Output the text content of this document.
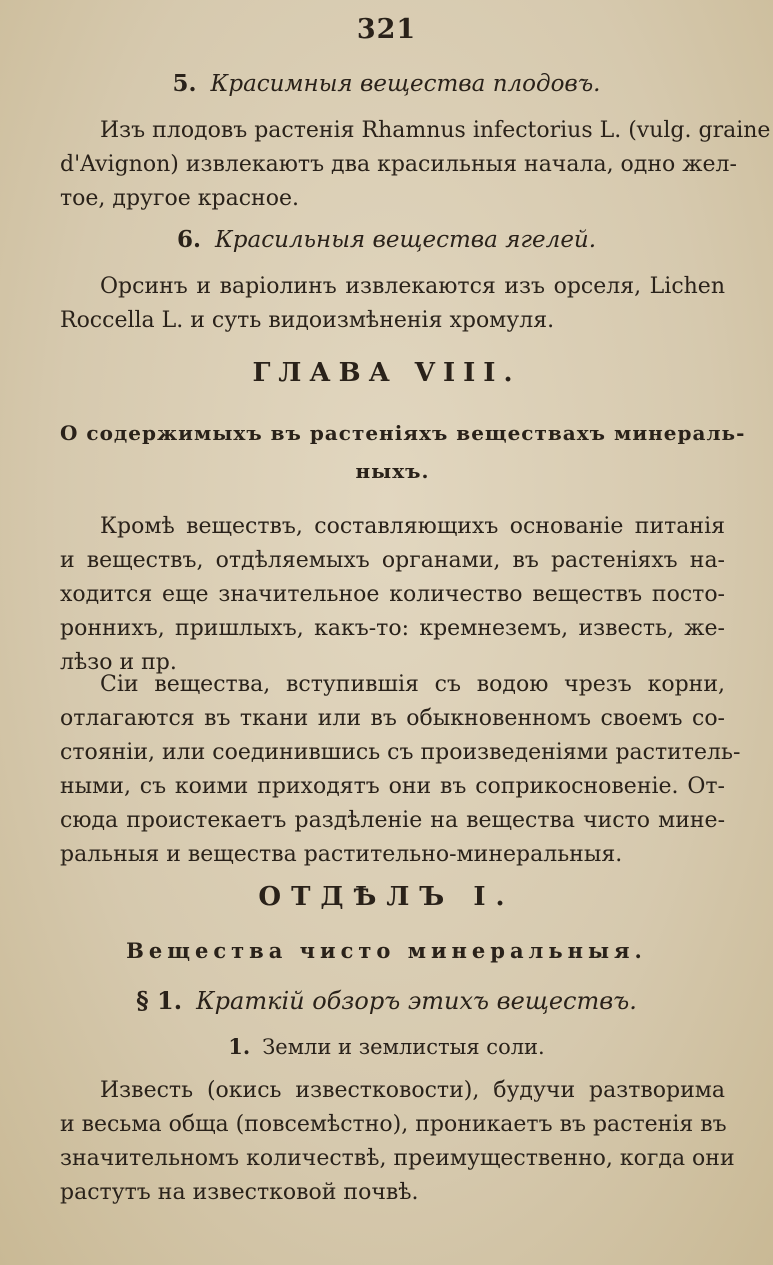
321
5. Красимныя вещества плодовъ.
Изъ плодовъ растенія Rhamnus infectorius L. (vulg. graine
d'Avignon) извлекаютъ два красильныя начала, одно жел-
тое, другое красное.
6. Красильныя вещества ягелей.
Орсинъ и варіолинъ извлекаются изъ орселя, Lichen
Roccella L. и суть видоизмѣненія хромуля.
ГЛАВА VIII.
О содержимыхъ въ растеніяхъ веществахъ минераль-
ныхъ.
Кромѣ веществъ, составляющихъ основаніе питанія
и веществъ, отдѣляемыхъ органами, въ растеніяхъ на-
ходится еще значительное количество веществъ посто-
роннихъ, пришлыхъ, какъ-то: кремнеземъ, известь, же-
лѣзо и пр.
Сіи вещества, вступившія съ водою чрезъ корни,
отлагаются въ ткани или въ обыкновенномъ своемъ со-
стояніи, или соединившись съ произведеніями раститель-
ными, съ коими приходятъ они въ соприкосновеніе. От-
сюда проистекаетъ раздѣленіе на вещества чисто мине-
ральныя и вещества растительно-минеральныя.
ОТДѢЛЪ I.
Вещества чисто минеральныя.
§ 1. Краткій обзоръ этихъ веществъ.
1. Земли и землистыя соли.
Известь (окись известковости), будучи разтворима
и весьма обща (повсемѣстно), проникаетъ въ растенія въ
значительномъ количествѣ, преимущественно, когда они
растутъ на известковой почвѣ.
